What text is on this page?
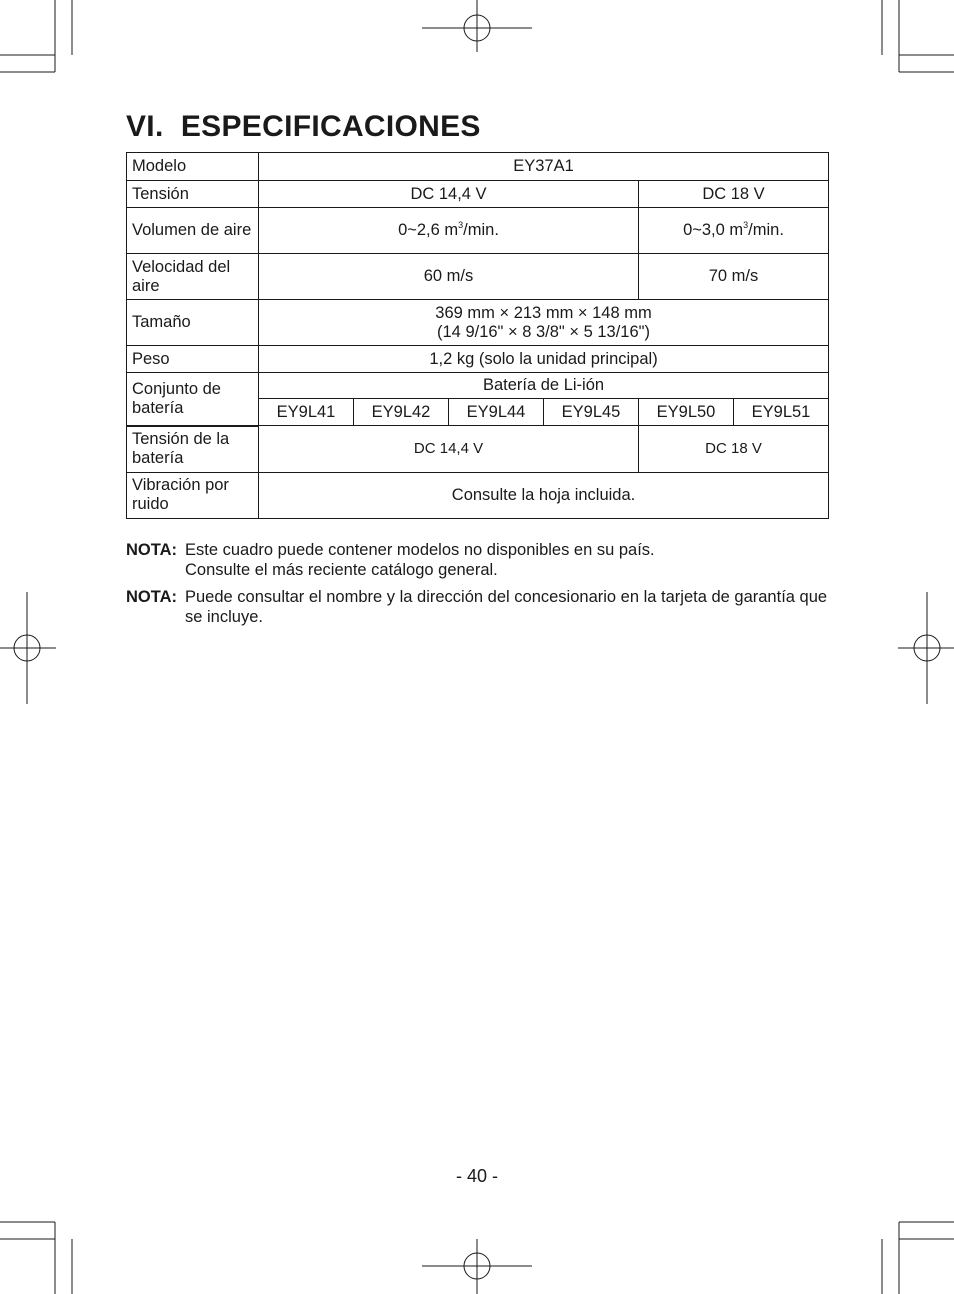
VI. ESPECIFICACIONES
Modelo	EY37A1					
Tensión	DC 14,4 V				DC 18 V	
Volumen de aire	0~2,6 $m^3/\min$.				0~3,0 $m^3/\min$.	
Velocidad del aire	60 m/s				70 m/s	
Tamaño	369 mm × 213 mm × 148 mm
(14 9/16" × 8 3/8" × 5 13/16")					
Peso	1,2 kg (solo la unidad principal)					
Conjunto de batería	Batería de Li-ión					
	EY9L41	EY9L42	EY9L44	EY9L45	EY9L50	EY9L51
Tensión de la batería	DC 14,4 V				DC 18 V	
Vibración por ruido	Consulte la hoja incluida.					
NOTA: Este cuadro puede contener modelos no disponibles en su país.
Consulte el más reciente catálogo general.
NOTA: Puede consultar el nombre y la dirección del concesionario en la tarjeta de garantía que se incluye.
- 40 -
